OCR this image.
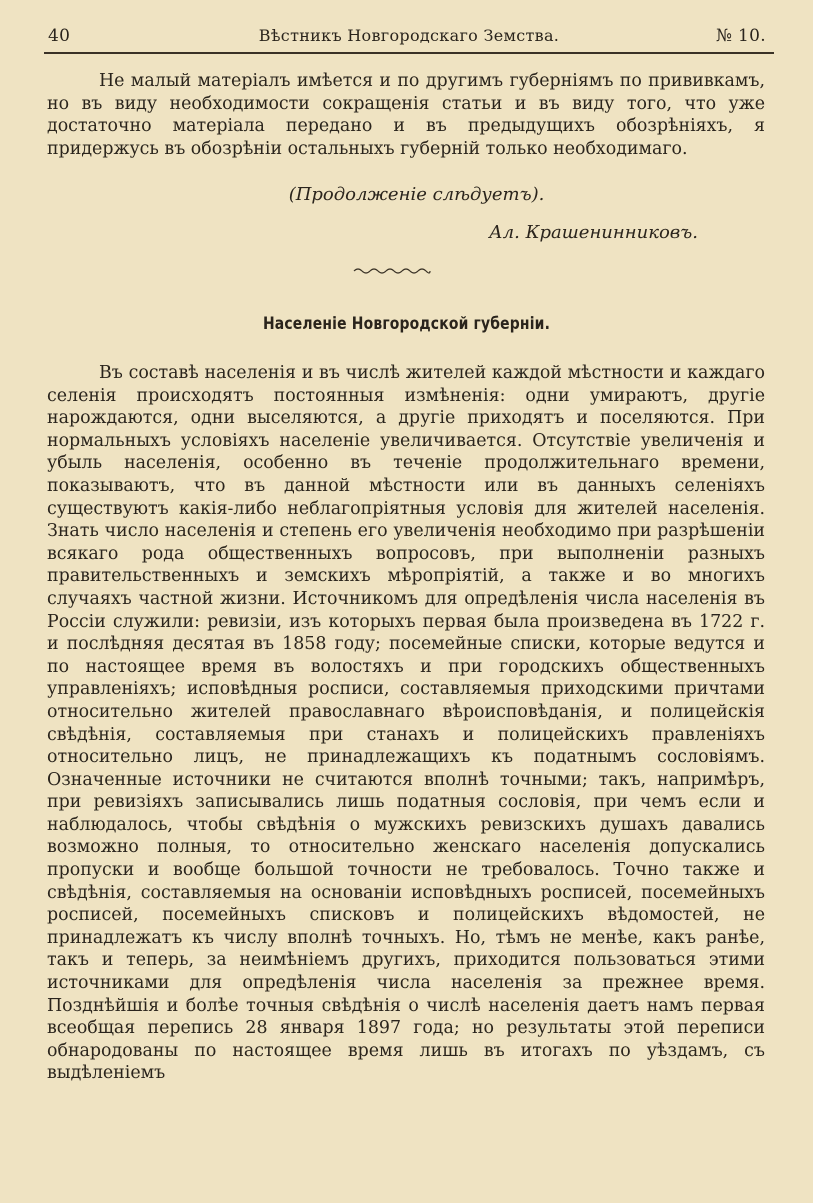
40	Вѣстникъ Новгородскаго Земства.	№ 10.

Не малый матеріалъ имѣется и по другимъ губерніямъ по прививкамъ, но въ виду необходимости сокращенія статьи и въ виду того, что уже достаточно матеріала передано и въ предыдущихъ обозрѣніяхъ, я придержусь въ обозрѣніи остальныхъ губерній только необходимаго.

(Продолженіе слѣдуетъ).
Ал. Крашенинниковъ.
Населеніе Новгородской губерніи.

Въ составѣ населенія и въ числѣ жителей каждой мѣстности и каждаго селенія происходятъ постоянныя измѣненія: одни умираютъ, другіе нарождаются, одни выселяются, а другіе приходятъ и поселяются. При нормальныхъ условіяхъ населеніе увеличивается. Отсутствіе увеличенія и убыль населенія, особенно въ теченіе продолжительнаго времени, показываютъ, что въ данной мѣстности или въ данныхъ селеніяхъ существуютъ какія-либо неблагопріятныя условія для жителей населенія. Знать число населенія и степень его увеличенія необходимо при разрѣшеніи всякаго рода общественныхъ вопросовъ, при выполненіи разныхъ правительственныхъ и земскихъ мѣропріятій, а также и во многихъ случаяхъ частной жизни. Источникомъ для опредѣленія числа населенія въ Россіи служили: ревизіи, изъ которыхъ первая была произведена въ 1722 г. и послѣдняя десятая въ 1858 году; посемейные списки, которые ведутся и по настоящее время въ волостяхъ и при городскихъ общественныхъ управленіяхъ; исповѣдныя росписи, составляемыя приходскими причтами относительно жителей православнаго вѣроисповѣданія, и полицейскія свѣдѣнія, составляемыя при станахъ и полицейскихъ правленіяхъ относительно лицъ, не принадлежащихъ къ податнымъ сословіямъ. Означенные источники не считаются вполнѣ точными; такъ, напримѣръ, при ревизіяхъ записывались лишь податныя сословія, при чемъ если и наблюдалось, чтобы свѣдѣнія о мужскихъ ревизскихъ душахъ давались возможно полныя, то относительно женскаго населенія допускались пропуски и вообще большой точности не требовалось. Точно также и свѣдѣнія, составляемыя на основаніи исповѣдныхъ росписей, посемейныхъ росписей, посемейныхъ списковъ и полицейскихъ вѣдомостей, не принадлежатъ къ числу вполнѣ точныхъ. Но, тѣмъ не менѣе, какъ ранѣе, такъ и теперь, за неимѣніемъ другихъ, приходится пользоваться этими источниками для опредѣленія числа населенія за прежнее время. Позднѣйшія и болѣе точныя свѣдѣнія о числѣ населенія даетъ намъ первая всеобщая перепись 28 января 1897 года; но результаты этой переписи обнародованы по настоящее время лишь въ итогахъ по уѣздамъ, съ выдѣленіемъ
